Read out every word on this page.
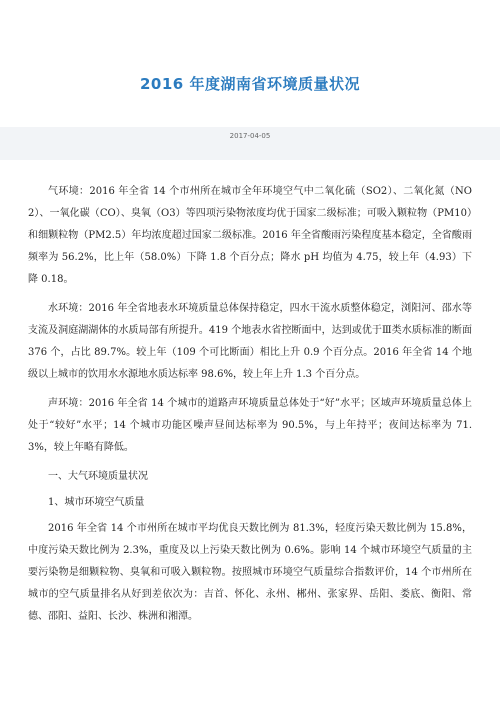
2016 年度湖南省环境质量状况
2017-04-05

气环境：2016 年全省 14 个市州所在城市全年环境空气中二氧化硫（SO2）、二氧化氮（NO2）、一氧化碳（CO）、臭氧（O3）等四项污染物浓度均优于国家二级标准；可吸入颗粒物（PM10）和细颗粒物（PM2.5）年均浓度超过国家二级标准。2016 年全省酸雨污染程度基本稳定，全省酸雨频率为 56.2%，比上年（58.0%）下降 1.8 个百分点；降水 pH 均值为 4.75，较上年（4.93）下降 0.18。

水环境：2016 年全省地表水环境质量总体保持稳定，四水干流水质整体稳定，浏阳河、邵水等支流及洞庭湖湖体的水质局部有所提升。419 个地表水省控断面中，达到或优于Ⅲ类水质标准的断面 376 个，占比 89.7%。较上年（109 个可比断面）相比上升 0.9 个百分点。2016 年全省 14 个地级以上城市的饮用水水源地水质达标率 98.6%，较上年上升 1.3 个百分点。

声环境：2016 年全省 14 个城市的道路声环境质量总体处于“好”水平；区域声环境质量总体上处于“较好”水平；14 个城市功能区噪声昼间达标率为 90.5%，与上年持平；夜间达标率为 71.3%，较上年略有降低。

一、大气环境质量状况

1、城市环境空气质量

2016 年全省 14 个市州所在城市平均优良天数比例为 81.3%，轻度污染天数比例为 15.8%，中度污染天数比例为 2.3%，重度及以上污染天数比例为 0.6%。影响 14 个城市环境空气质量的主要污染物是细颗粒物、臭氧和可吸入颗粒物。按照城市环境空气质量综合指数评价，14 个市州所在城市的空气质量排名从好到差依次为：吉首、怀化、永州、郴州、张家界、岳阳、娄底、衡阳、常德、邵阳、益阳、长沙、株洲和湘潭。
